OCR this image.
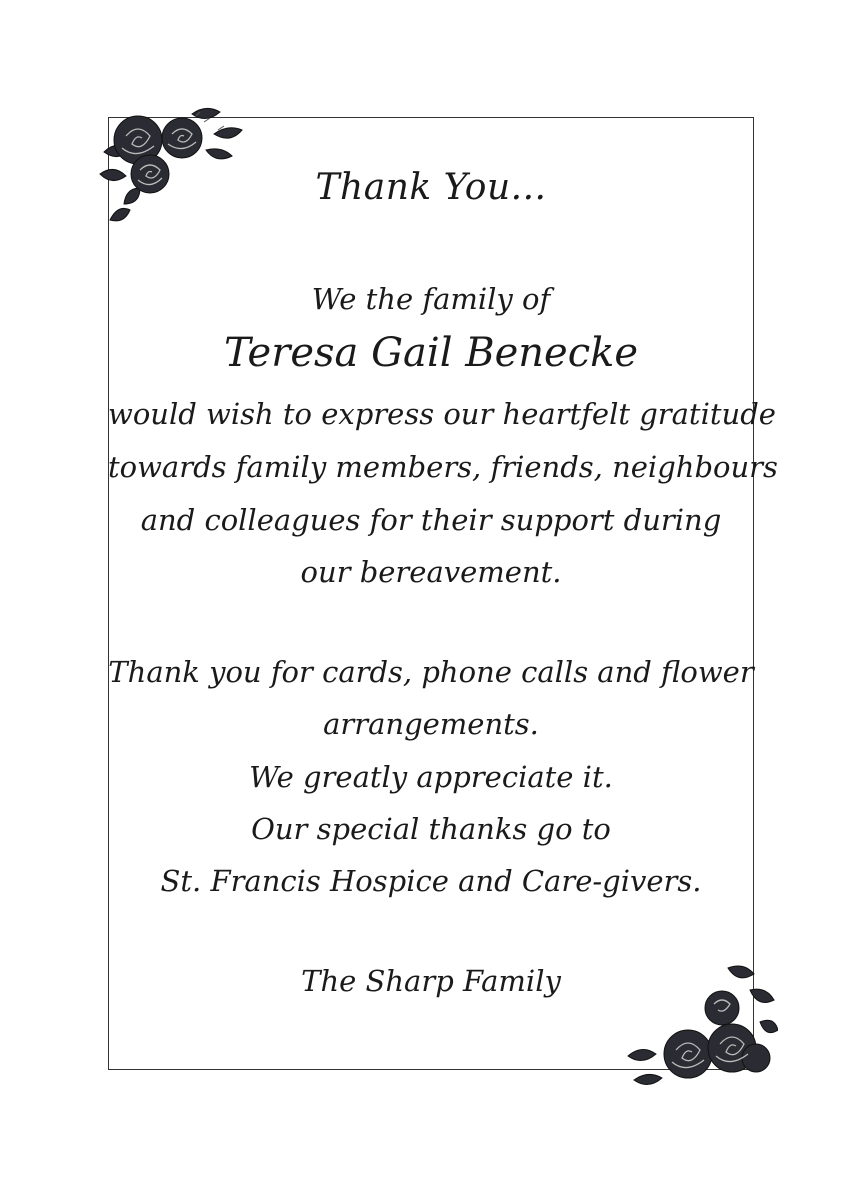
Thank You...
We the family of
Teresa Gail Benecke
would wish to express our heartfelt gratitude
towards family members, friends, neighbours
and colleagues for their support during
our bereavement.
Thank you for cards, phone calls and flower
arrangements.
We greatly appreciate it.
Our special thanks go to
St. Francis Hospice and Care-givers.
The Sharp Family
